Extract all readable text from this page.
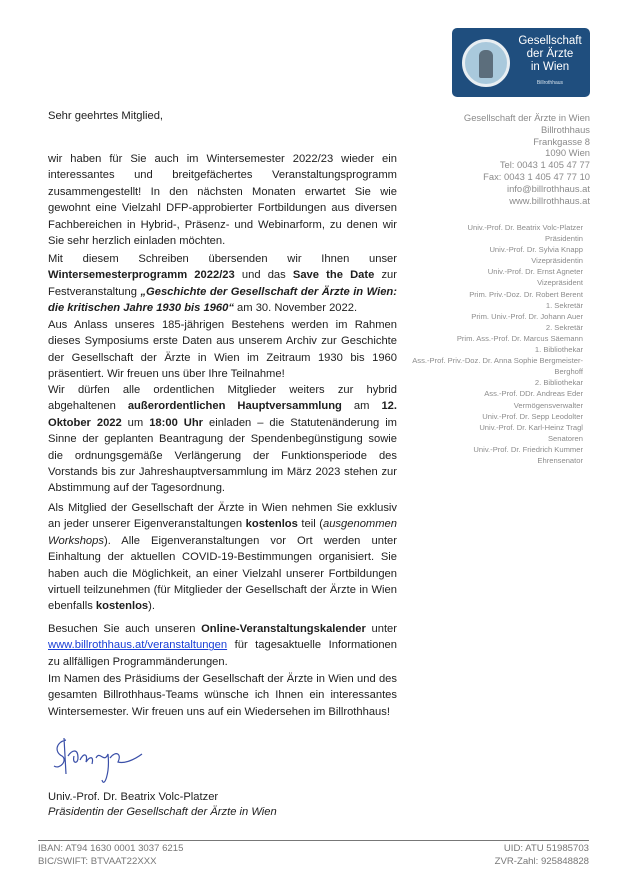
Gesellschaft
der Ärzte
in Wien
Billrothhaus
Gesellschaft der Ärzte in Wien
Billrothhaus
Frankgasse 8
1090 Wien
Tel: 0043 1 405 47 77
Fax: 0043 1 405 47 77 10
info@billrothhaus.at
www.billrothhaus.at
Univ.-Prof. Dr. Beatrix Volc-Platzer
Präsidentin
Univ.-Prof. Dr. Sylvia Knapp
Vizepräsidentin
Univ.-Prof. Dr. Ernst Agneter
Vizepräsident
Prim. Priv.-Doz. Dr. Robert Berent
1. Sekretär
Prim. Univ.-Prof. Dr. Johann Auer
2. Sekretär
Prim. Ass.-Prof. Dr. Marcus Säemann
1. Bibliothekar
Ass.-Prof. Priv.-Doz. Dr. Anna Sophie Bergmeister-
Berghoff
2. Bibliothekar
Ass.-Prof. DDr. Andreas Eder
Vermögensverwalter
Univ.-Prof. Dr. Sepp Leodolter
Univ.-Prof. Dr. Karl-Heinz Tragl
Senatoren
Univ.-Prof. Dr. Friedrich Kummer
Ehrensenator
Sehr geehrtes Mitglied,

wir haben für Sie auch im Wintersemester 2022/23 wieder ein interessantes und breitgefächertes Veranstaltungsprogramm zusammengestellt! In den nächsten Monaten erwartet Sie wie gewohnt eine Vielzahl DFP-approbierter Fortbildungen aus diversen Fachbereichen in Hybrid-, Präsenz- und Webinarform, zu denen wir Sie sehr herzlich einladen möchten.

Mit diesem Schreiben übersenden wir Ihnen unser Wintersemesterprogramm 2022/23 und das Save the Date zur Festveranstaltung „Geschichte der Gesellschaft der Ärzte in Wien: die kritischen Jahre 1930 bis 1960“ am 30. November 2022.

Aus Anlass unseres 185-jährigen Bestehens werden im Rahmen dieses Symposiums erste Daten aus unserem Archiv zur Geschichte der Gesellschaft der Ärzte in Wien im Zeitraum 1930 bis 1960 präsentiert. Wir freuen uns über Ihre Teilnahme!

Wir dürfen alle ordentlichen Mitglieder weiters zur hybrid abgehaltenen außerordentlichen Hauptversammlung am 12. Oktober 2022 um 18:00 Uhr einladen – die Statutenänderung im Sinne der geplanten Beantragung der Spendenbegünstigung sowie die ordnungsgemäße Verlängerung der Funktionsperiode des Vorstands bis zur Jahreshauptversammlung im März 2023 stehen zur Abstimmung auf der Tagesordnung.

Als Mitglied der Gesellschaft der Ärzte in Wien nehmen Sie exklusiv an jeder unserer Eigenveranstaltungen kostenlos teil (ausgenommen Workshops). Alle Eigenveranstaltungen vor Ort werden unter Einhaltung der aktuellen COVID-19-Bestimmungen organisiert. Sie haben auch die Möglichkeit, an einer Vielzahl unserer Fortbildungen virtuell teilzunehmen (für Mitglieder der Gesellschaft der Ärzte in Wien ebenfalls kostenlos).

Besuchen Sie auch unseren Online-Veranstaltungskalender unter www.billrothhaus.at/veranstaltungen für tagesaktuelle Informationen zu allfälligen Programmänderungen.

Im Namen des Präsidiums der Gesellschaft der Ärzte in Wien und des gesamten Billrothhaus-Teams wünsche ich Ihnen ein interessantes Wintersemester. Wir freuen uns auf ein Wiedersehen im Billrothhaus!

Univ.-Prof. Dr. Beatrix Volc-Platzer
Präsidentin der Gesellschaft der Ärzte in Wien
IBAN: AT94 1630 0001 3037 6215
BIC/SWIFT: BTVAAT22XXX
UID: ATU 51985703
ZVR-Zahl: 925848828
